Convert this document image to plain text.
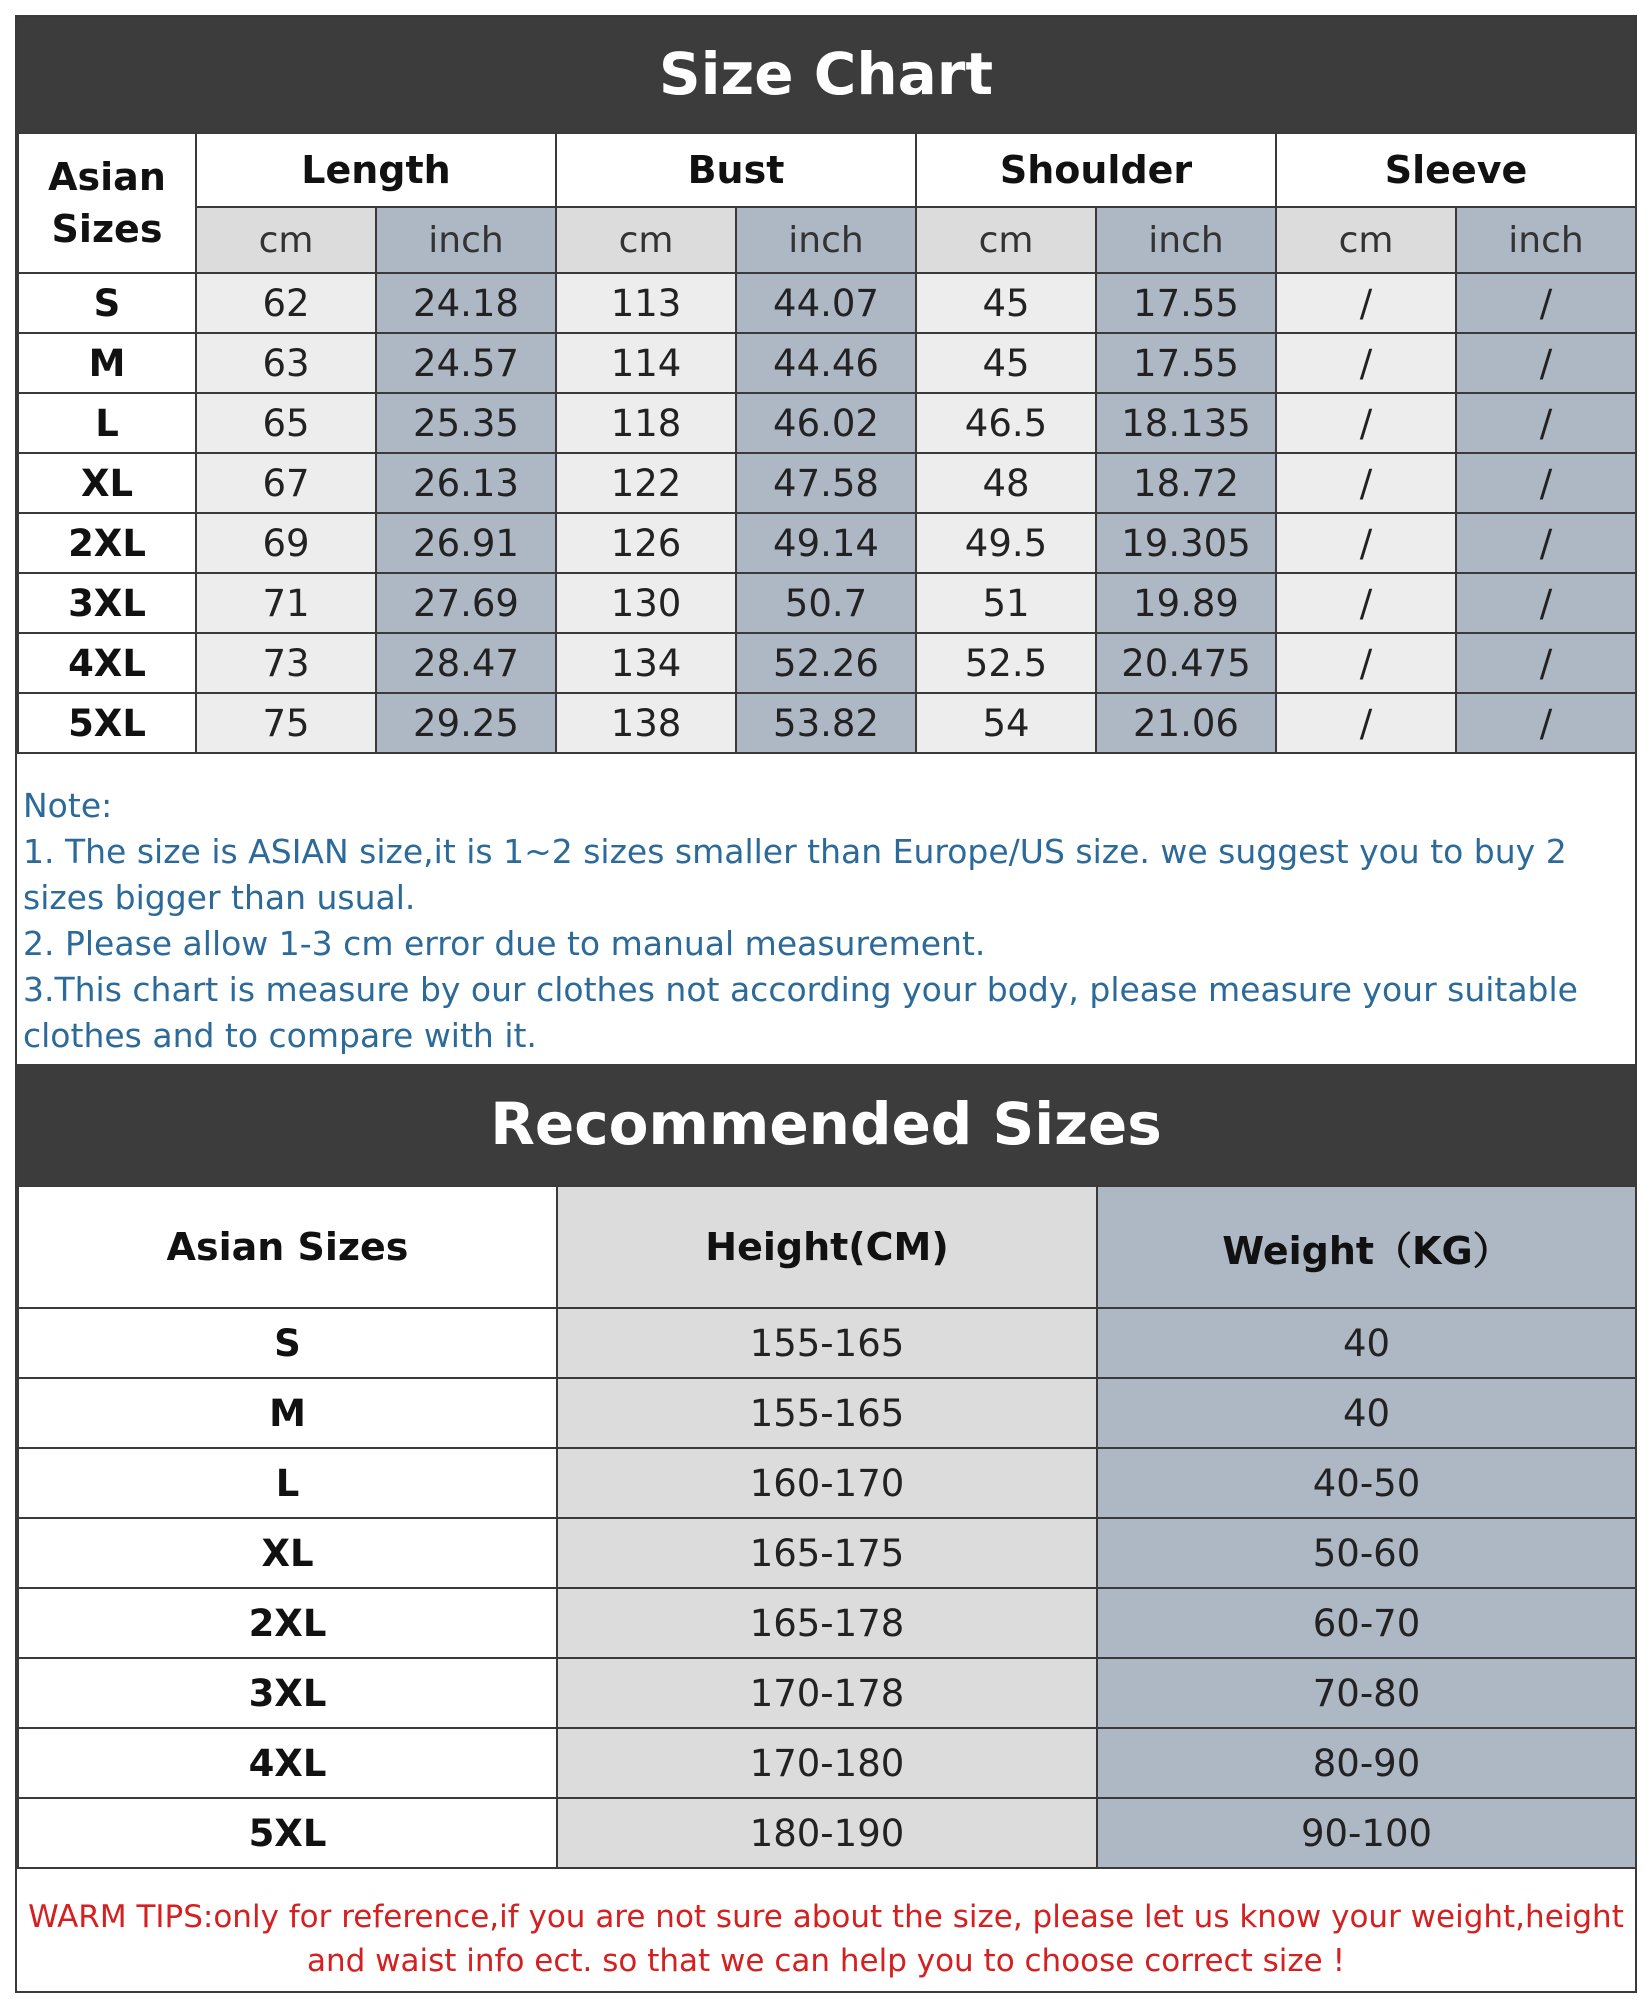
Size Chart
Asian
Sizes	Length		Bust		Shoulder		Sleeve	
	cm	inch	cm	inch	cm	inch	cm	inch
S	62	24.18	113	44.07	45	17.55	/	/
M	63	24.57	114	44.46	45	17.55	/	/
L	65	25.35	118	46.02	46.5	18.135	/	/
XL	67	26.13	122	47.58	48	18.72	/	/
2XL	69	26.91	126	49.14	49.5	19.305	/	/
3XL	71	27.69	130	50.7	51	19.89	/	/
4XL	73	28.47	134	52.26	52.5	20.475	/	/
5XL	75	29.25	138	53.82	54	21.06	/	/
Note:
1. The size is ASIAN size,it is 1~2 sizes smaller than Europe/US size. we suggest you to buy 2 sizes bigger than usual.
2. Please allow 1-3 cm error due to manual measurement.
3.This chart is measure by our clothes not according your body, please measure your suitable clothes and to compare with it.
Recommended Sizes
Asian Sizes	Height(CM)	Weight（KG）
S	155-165	40
M	155-165	40
L	160-170	40-50
XL	165-175	50-60
2XL	165-178	60-70
3XL	170-178	70-80
4XL	170-180	80-90
5XL	180-190	90-100
WARM TIPS:only for reference,if you are not sure about the size, please let us know your weight,height and waist info ect. so that we can help you to choose correct size !
